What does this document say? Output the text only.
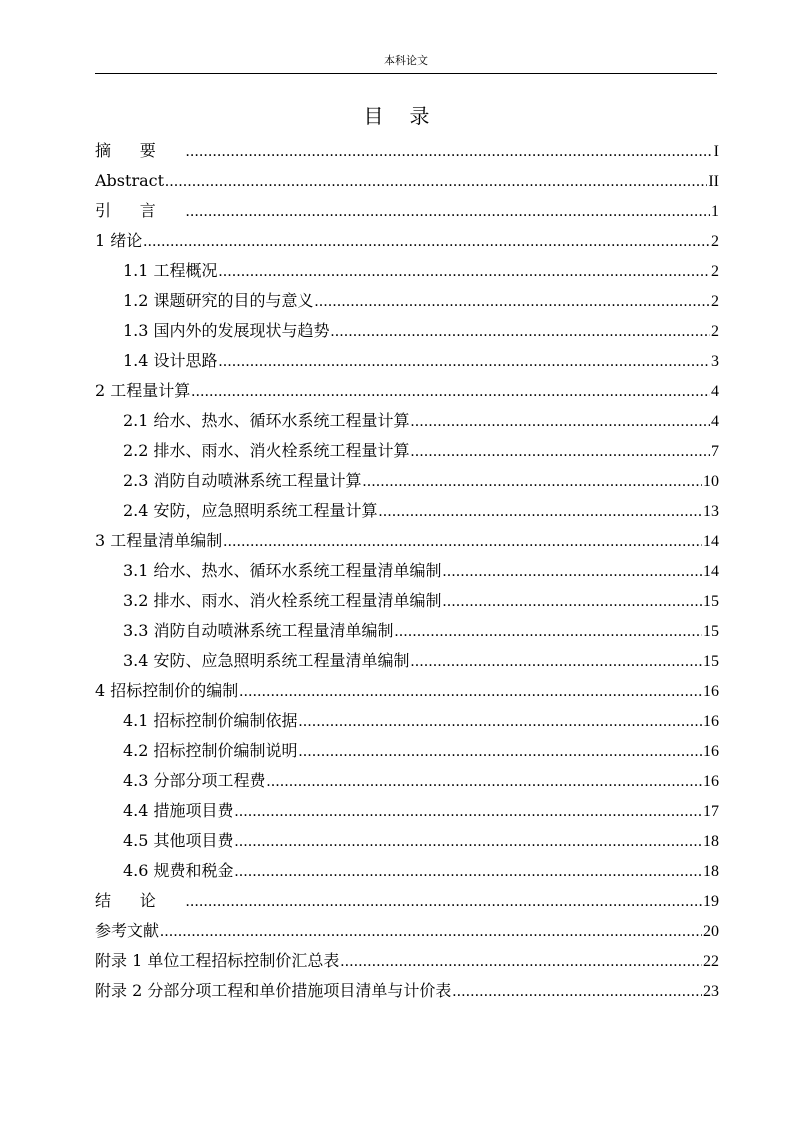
本科论文
目录
摘要 .....	I
Abstract .....	II
引言 .....	1
1 绪论 .....	2
1.1 工程概况 .....	2
1.2 课题研究的目的与意义 .....	2
1.3 国内外的发展现状与趋势 .....	2
1.4 设计思路 .....	3
2 工程量计算 .....	4
2.1 给水、热水、循环水系统工程量计算 .....	4
2.2 排水、雨水、消火栓系统工程量计算 .....	7
2.3 消防自动喷淋系统工程量计算 .....	10
2.4 安防，应急照明系统工程量计算 .....	13
3 工程量清单编制 .....	14
3.1 给水、热水、循环水系统工程量清单编制 .....	14
3.2 排水、雨水、消火栓系统工程量清单编制 .....	15
3.3 消防自动喷淋系统工程量清单编制 .....	15
3.4 安防、应急照明系统工程量清单编制 .....	15
4 招标控制价的编制 .....	16
4.1 招标控制价编制依据 .....	16
4.2 招标控制价编制说明 .....	16
4.3 分部分项工程费 .....	16
4.4 措施项目费 .....	17
4.5 其他项目费 .....	18
4.6 规费和税金 .....	18
结论 .....	19
参考文献 .....	20
附录 1 单位工程招标控制价汇总表 .....	22
附录 2 分部分项工程和单价措施项目清单与计价表 .....	23
